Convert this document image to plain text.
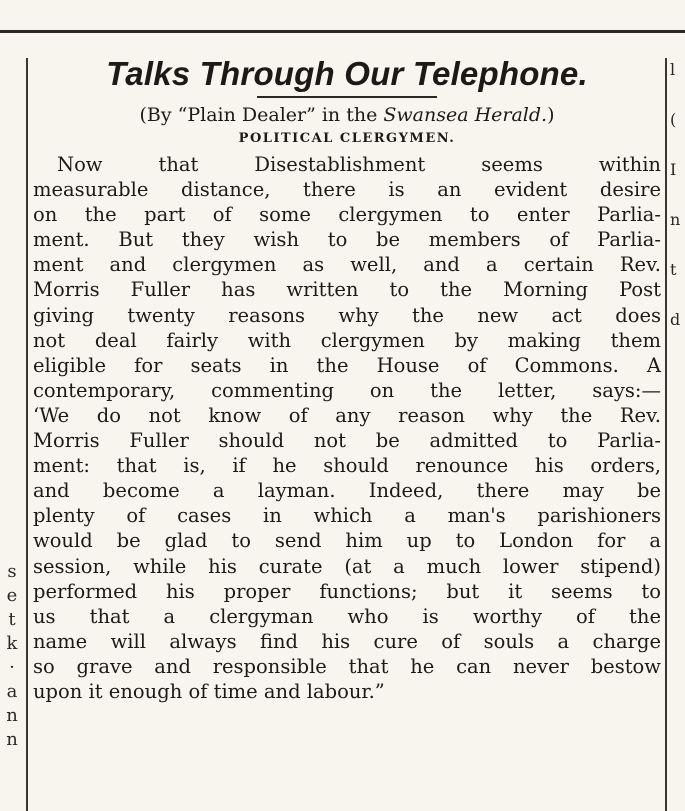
s
e
t
k
·
a
n
n
l
(
I
n
t
d
Talks Through Our Telephone.

(By “Plain Dealer” in the Swansea Herald.)

POLITICAL CLERGYMEN.
Now that Disestablishment seems within
measurable distance, there is an evident desire
on the part of some clergymen to enter Parlia-
ment. But they wish to be members of Parlia-
ment and clergymen as well, and a certain Rev.
Morris Fuller has written to the Morning Post
giving twenty reasons why the new act does
not deal fairly with clergymen by making them
eligible for seats in the House of Commons. A
contemporary, commenting on the letter, says:—
‘We do not know of any reason why the Rev.
Morris Fuller should not be admitted to Parlia-
ment: that is, if he should renounce his orders,
and become a layman. Indeed, there may be
plenty of cases in which a man's parishioners
would be glad to send him up to London for a
session, while his curate (at a much lower stipend)
performed his proper functions; but it seems to
us that a clergyman who is worthy of the
name will always find his cure of souls a charge
so grave and responsible that he can never bestow
upon it enough of time and labour.”
